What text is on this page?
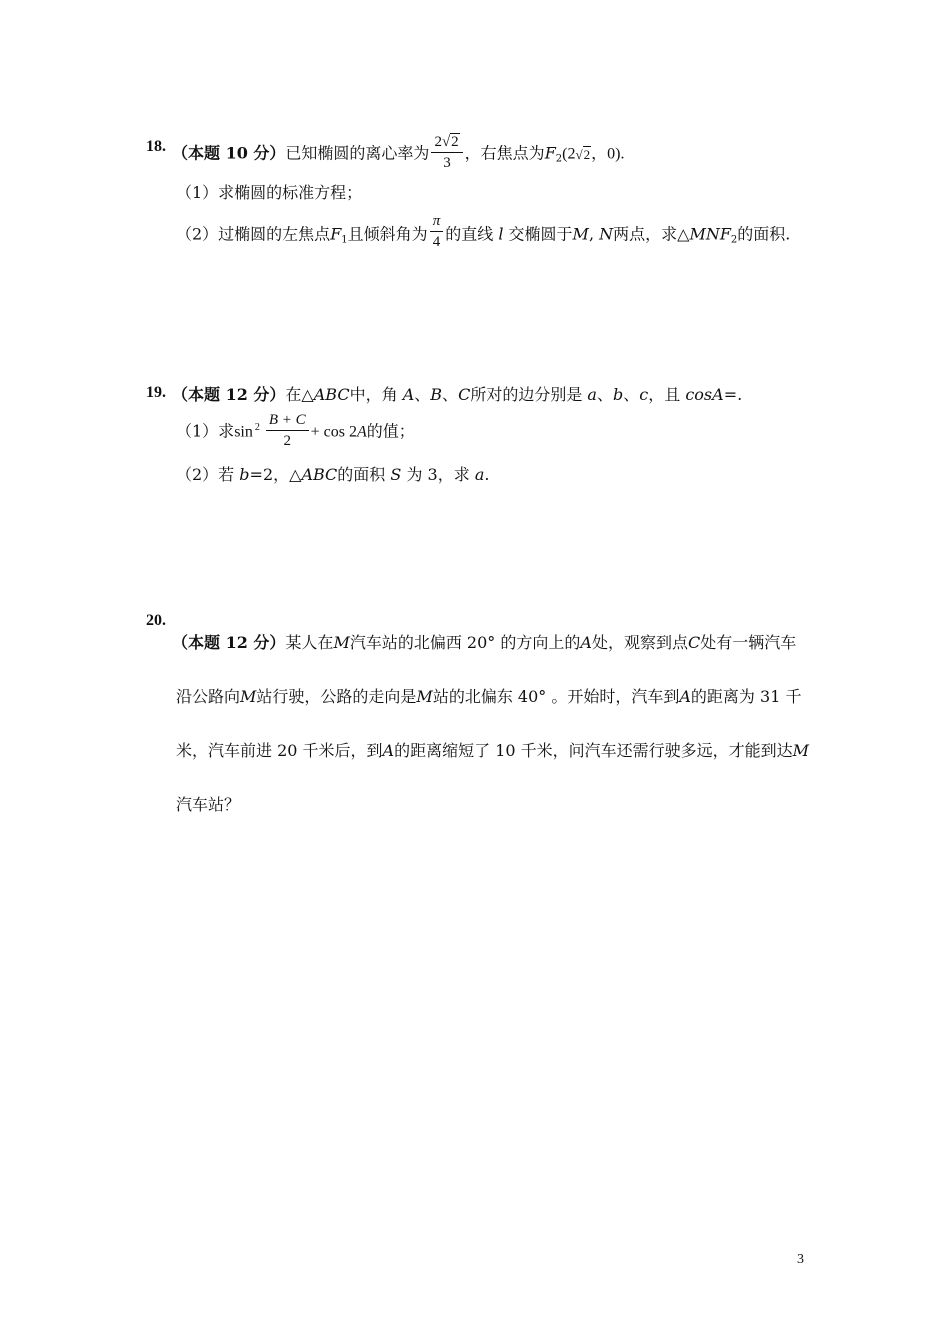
18. （本题 10 分）已知椭圆的离心率为 $\frac{2√2}{3}$ ，右焦点为$F_2(2√2$，0).
（1）求椭圆的标准方程；
（2）过椭圆的左焦点$F_1$且倾斜角为 $\frac{\pi}{4}$ 的直线 l 交椭圆于M, N两点，求$\triangle MNF_2$的面积.
19. （本题 12 分）在△ABC中，角 A、B、C所对的边分别是 a、b、c，且 cosA=.
（1）求$\sin ^2 \frac{B + C}{2} + \cos 2A$的值；
（2）若 b=2，△ABC的面积 S 为 3，求 a.
20.
（本题 12 分）某人在M汽车站的北偏西 20° 的方向上的A处，观察到点C处有一辆汽车
沿公路向M站行驶，公路的走向是M站的北偏东 40° 。开始时，汽车到A的距离为 31 千
米，汽车前进 20 千米后，到A的距离缩短了 10 千米，问汽车还需行驶多远，才能到达M
汽车站？
3
